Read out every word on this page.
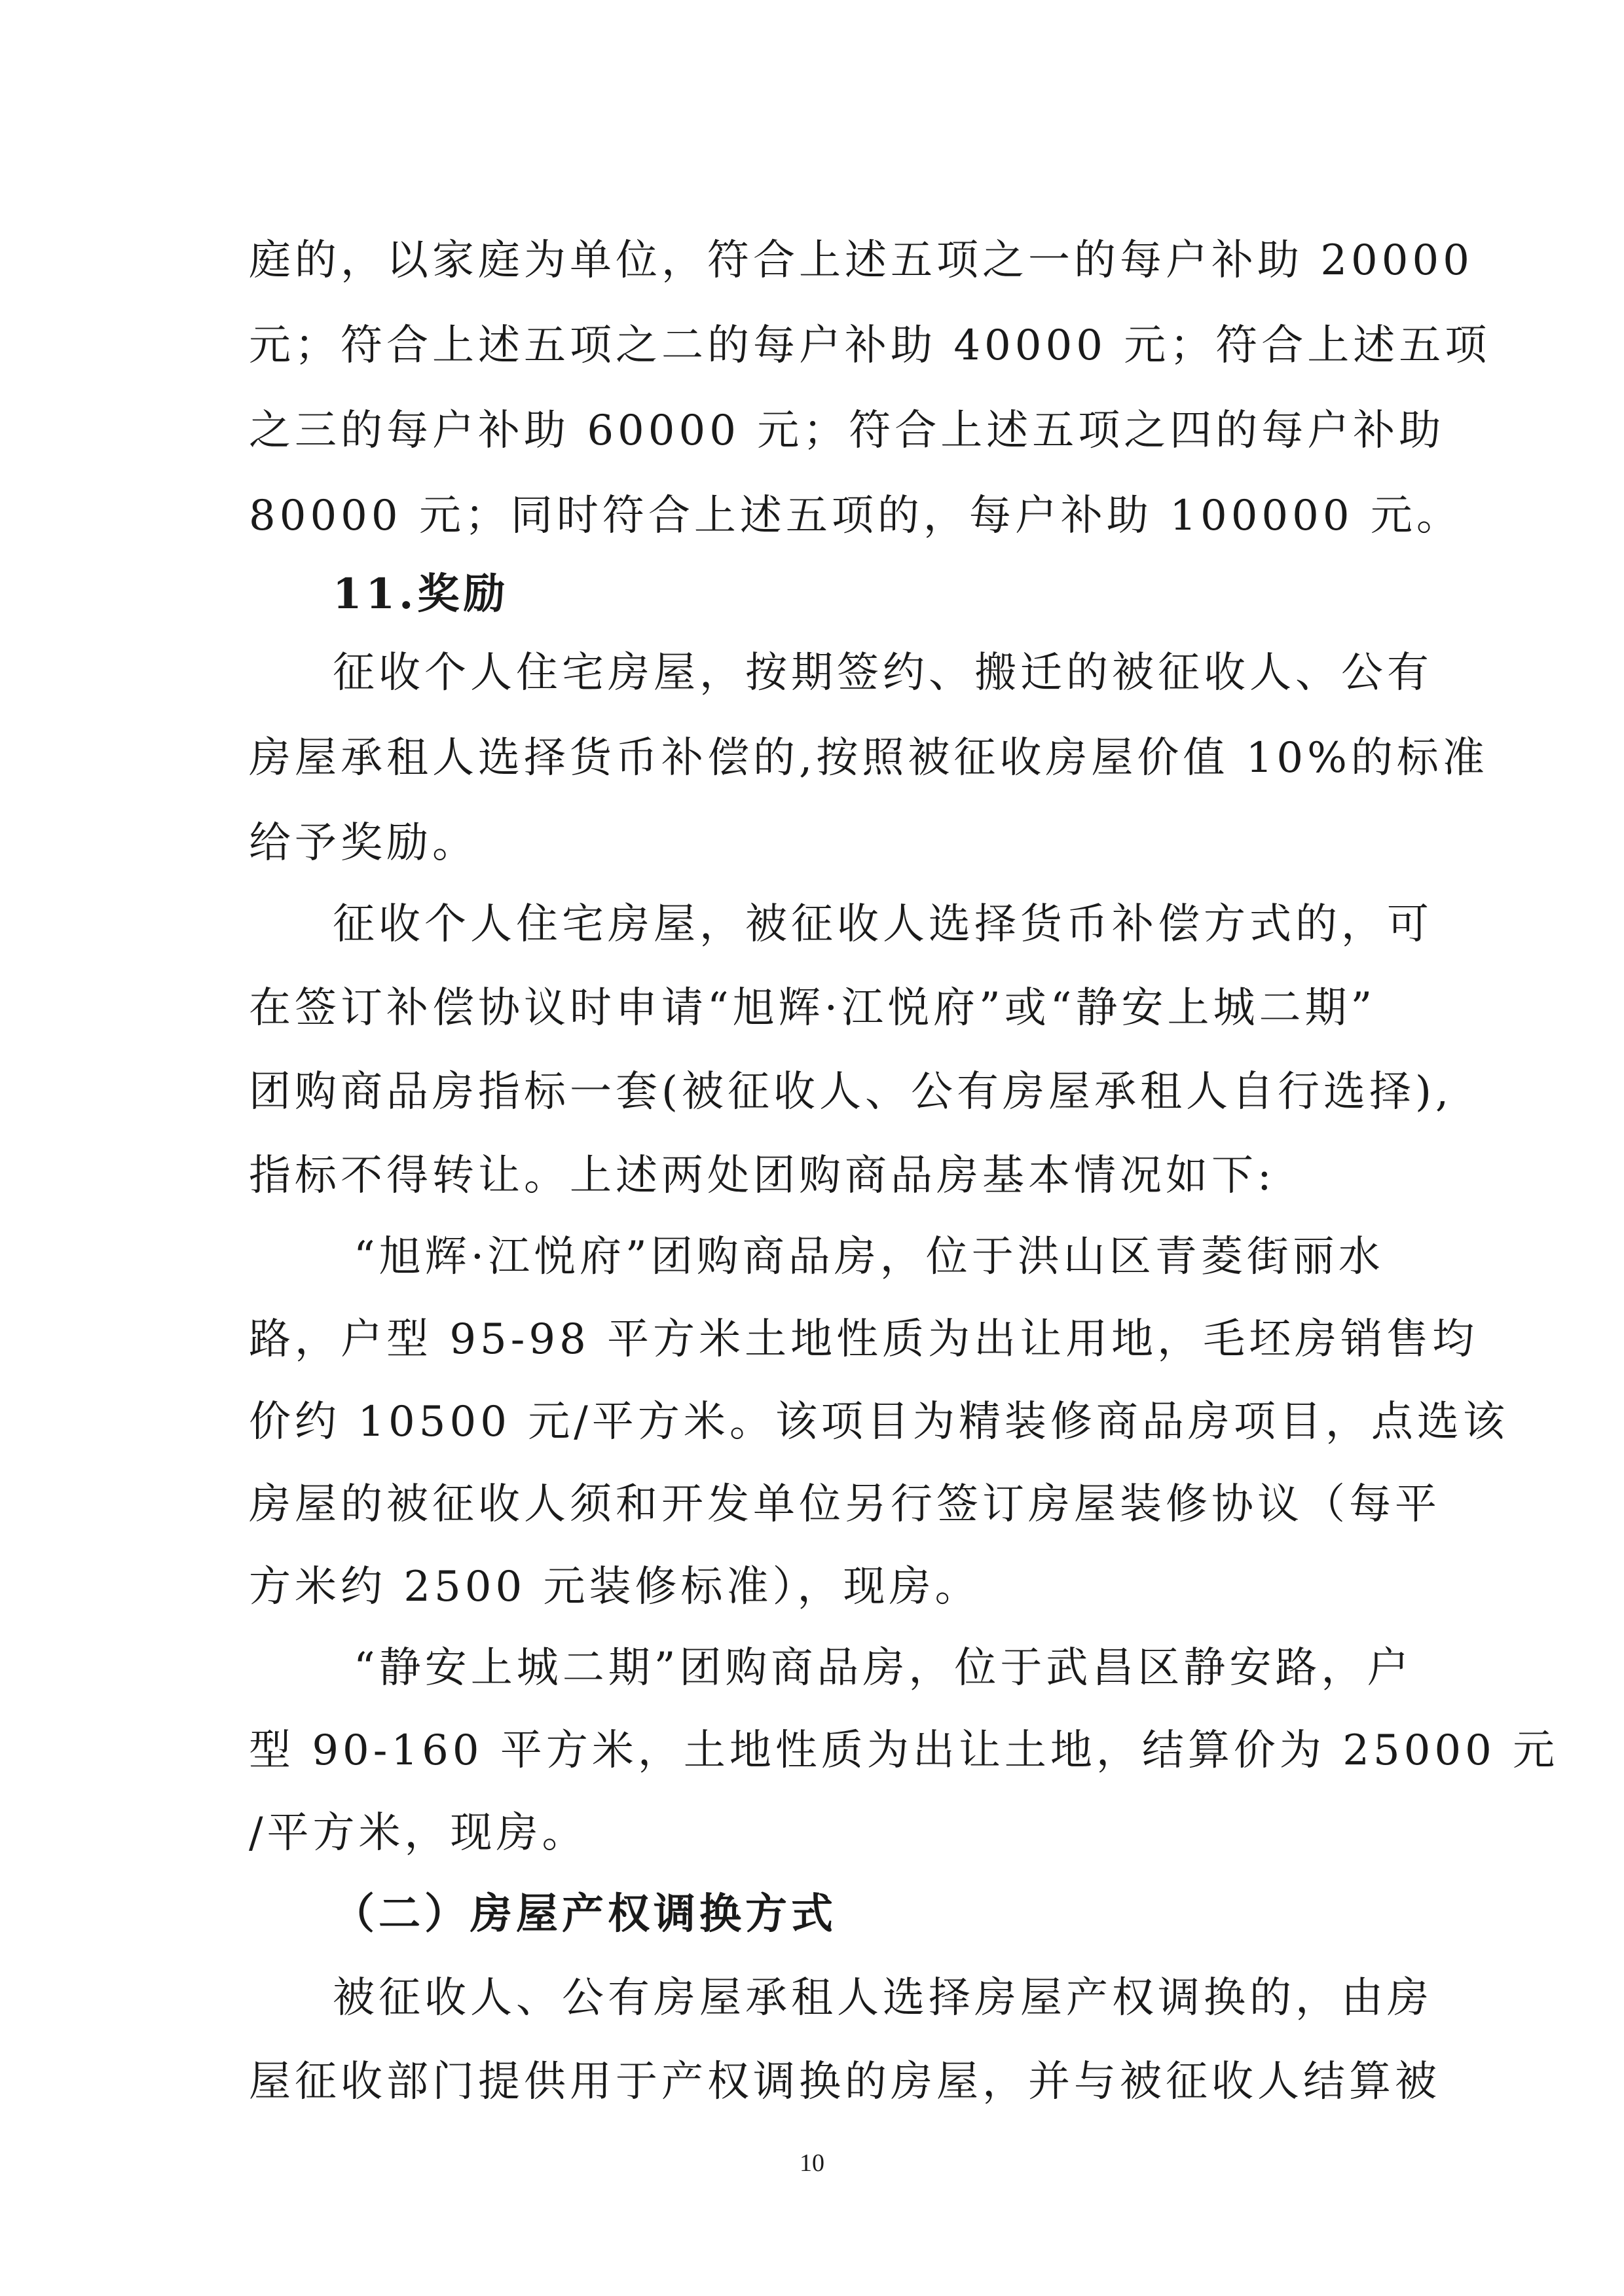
庭的，以家庭为单位，符合上述五项之一的每户补助 20000
元；符合上述五项之二的每户补助 40000 元；符合上述五项
之三的每户补助 60000 元；符合上述五项之四的每户补助
80000 元；同时符合上述五项的，每户补助 100000 元。
11.奖励
征收个人住宅房屋，按期签约、搬迁的被征收人、公有
房屋承租人选择货币补偿的,按照被征收房屋价值 10%的标准
给予奖励。
征收个人住宅房屋，被征收人选择货币补偿方式的，可
在签订补偿协议时申请“旭辉·江悦府”或“静安上城二期”
团购商品房指标一套(被征收人、公有房屋承租人自行选择),
指标不得转让。上述两处团购商品房基本情况如下:
“旭辉·江悦府”团购商品房，位于洪山区青菱街丽水
路，户型 95-98 平方米土地性质为出让用地，毛坯房销售均
价约 10500 元/平方米。该项目为精装修商品房项目，点选该
房屋的被征收人须和开发单位另行签订房屋装修协议（每平
方米约 2500 元装修标准），现房。
“静安上城二期”团购商品房，位于武昌区静安路，户
型 90-160 平方米，土地性质为出让土地，结算价为 25000 元
/平方米，现房。
（二）房屋产权调换方式
被征收人、公有房屋承租人选择房屋产权调换的，由房
屋征收部门提供用于产权调换的房屋，并与被征收人结算被
10
